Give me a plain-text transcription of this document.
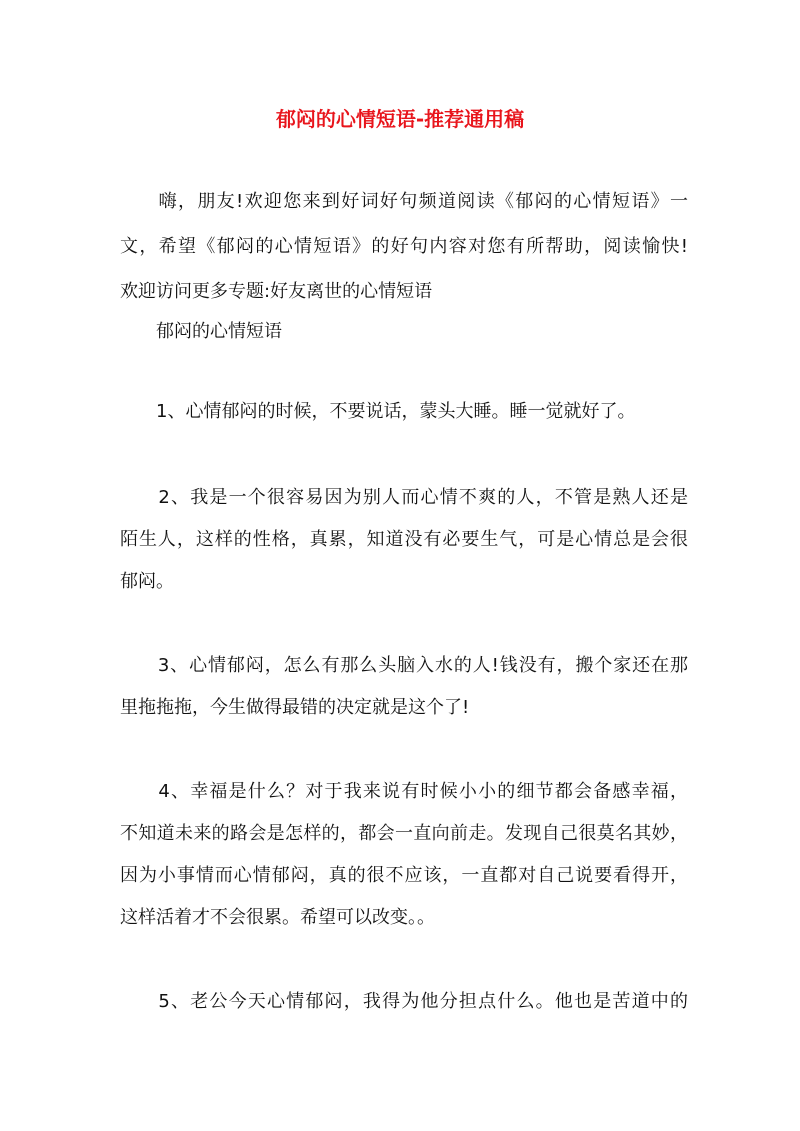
郁闷的心情短语-推荐通用稿
　　嗨，朋友!欢迎您来到好词好句频道阅读《郁闷的心情短语》一
文，希望《郁闷的心情短语》的好句内容对您有所帮助，阅读愉快!
欢迎访问更多专题:好友离世的心情短语
　　郁闷的心情短语
　　1、心情郁闷的时候，不要说话，蒙头大睡。睡一觉就好了。
　　2、我是一个很容易因为别人而心情不爽的人，不管是熟人还是
陌生人，这样的性格，真累，知道没有必要生气，可是心情总是会很
郁闷。
　　3、心情郁闷，怎么有那么头脑入水的人!钱没有，搬个家还在那
里拖拖拖，今生做得最错的决定就是这个了!
　　4、幸福是什么？对于我来说有时候小小的细节都会备感幸福，
不知道未来的路会是怎样的，都会一直向前走。发现自己很莫名其妙，
因为小事情而心情郁闷，真的很不应该，一直都对自己说要看得开，
这样活着才不会很累。希望可以改变。。
　　5、老公今天心情郁闷，我得为他分担点什么。他也是苦道中的
